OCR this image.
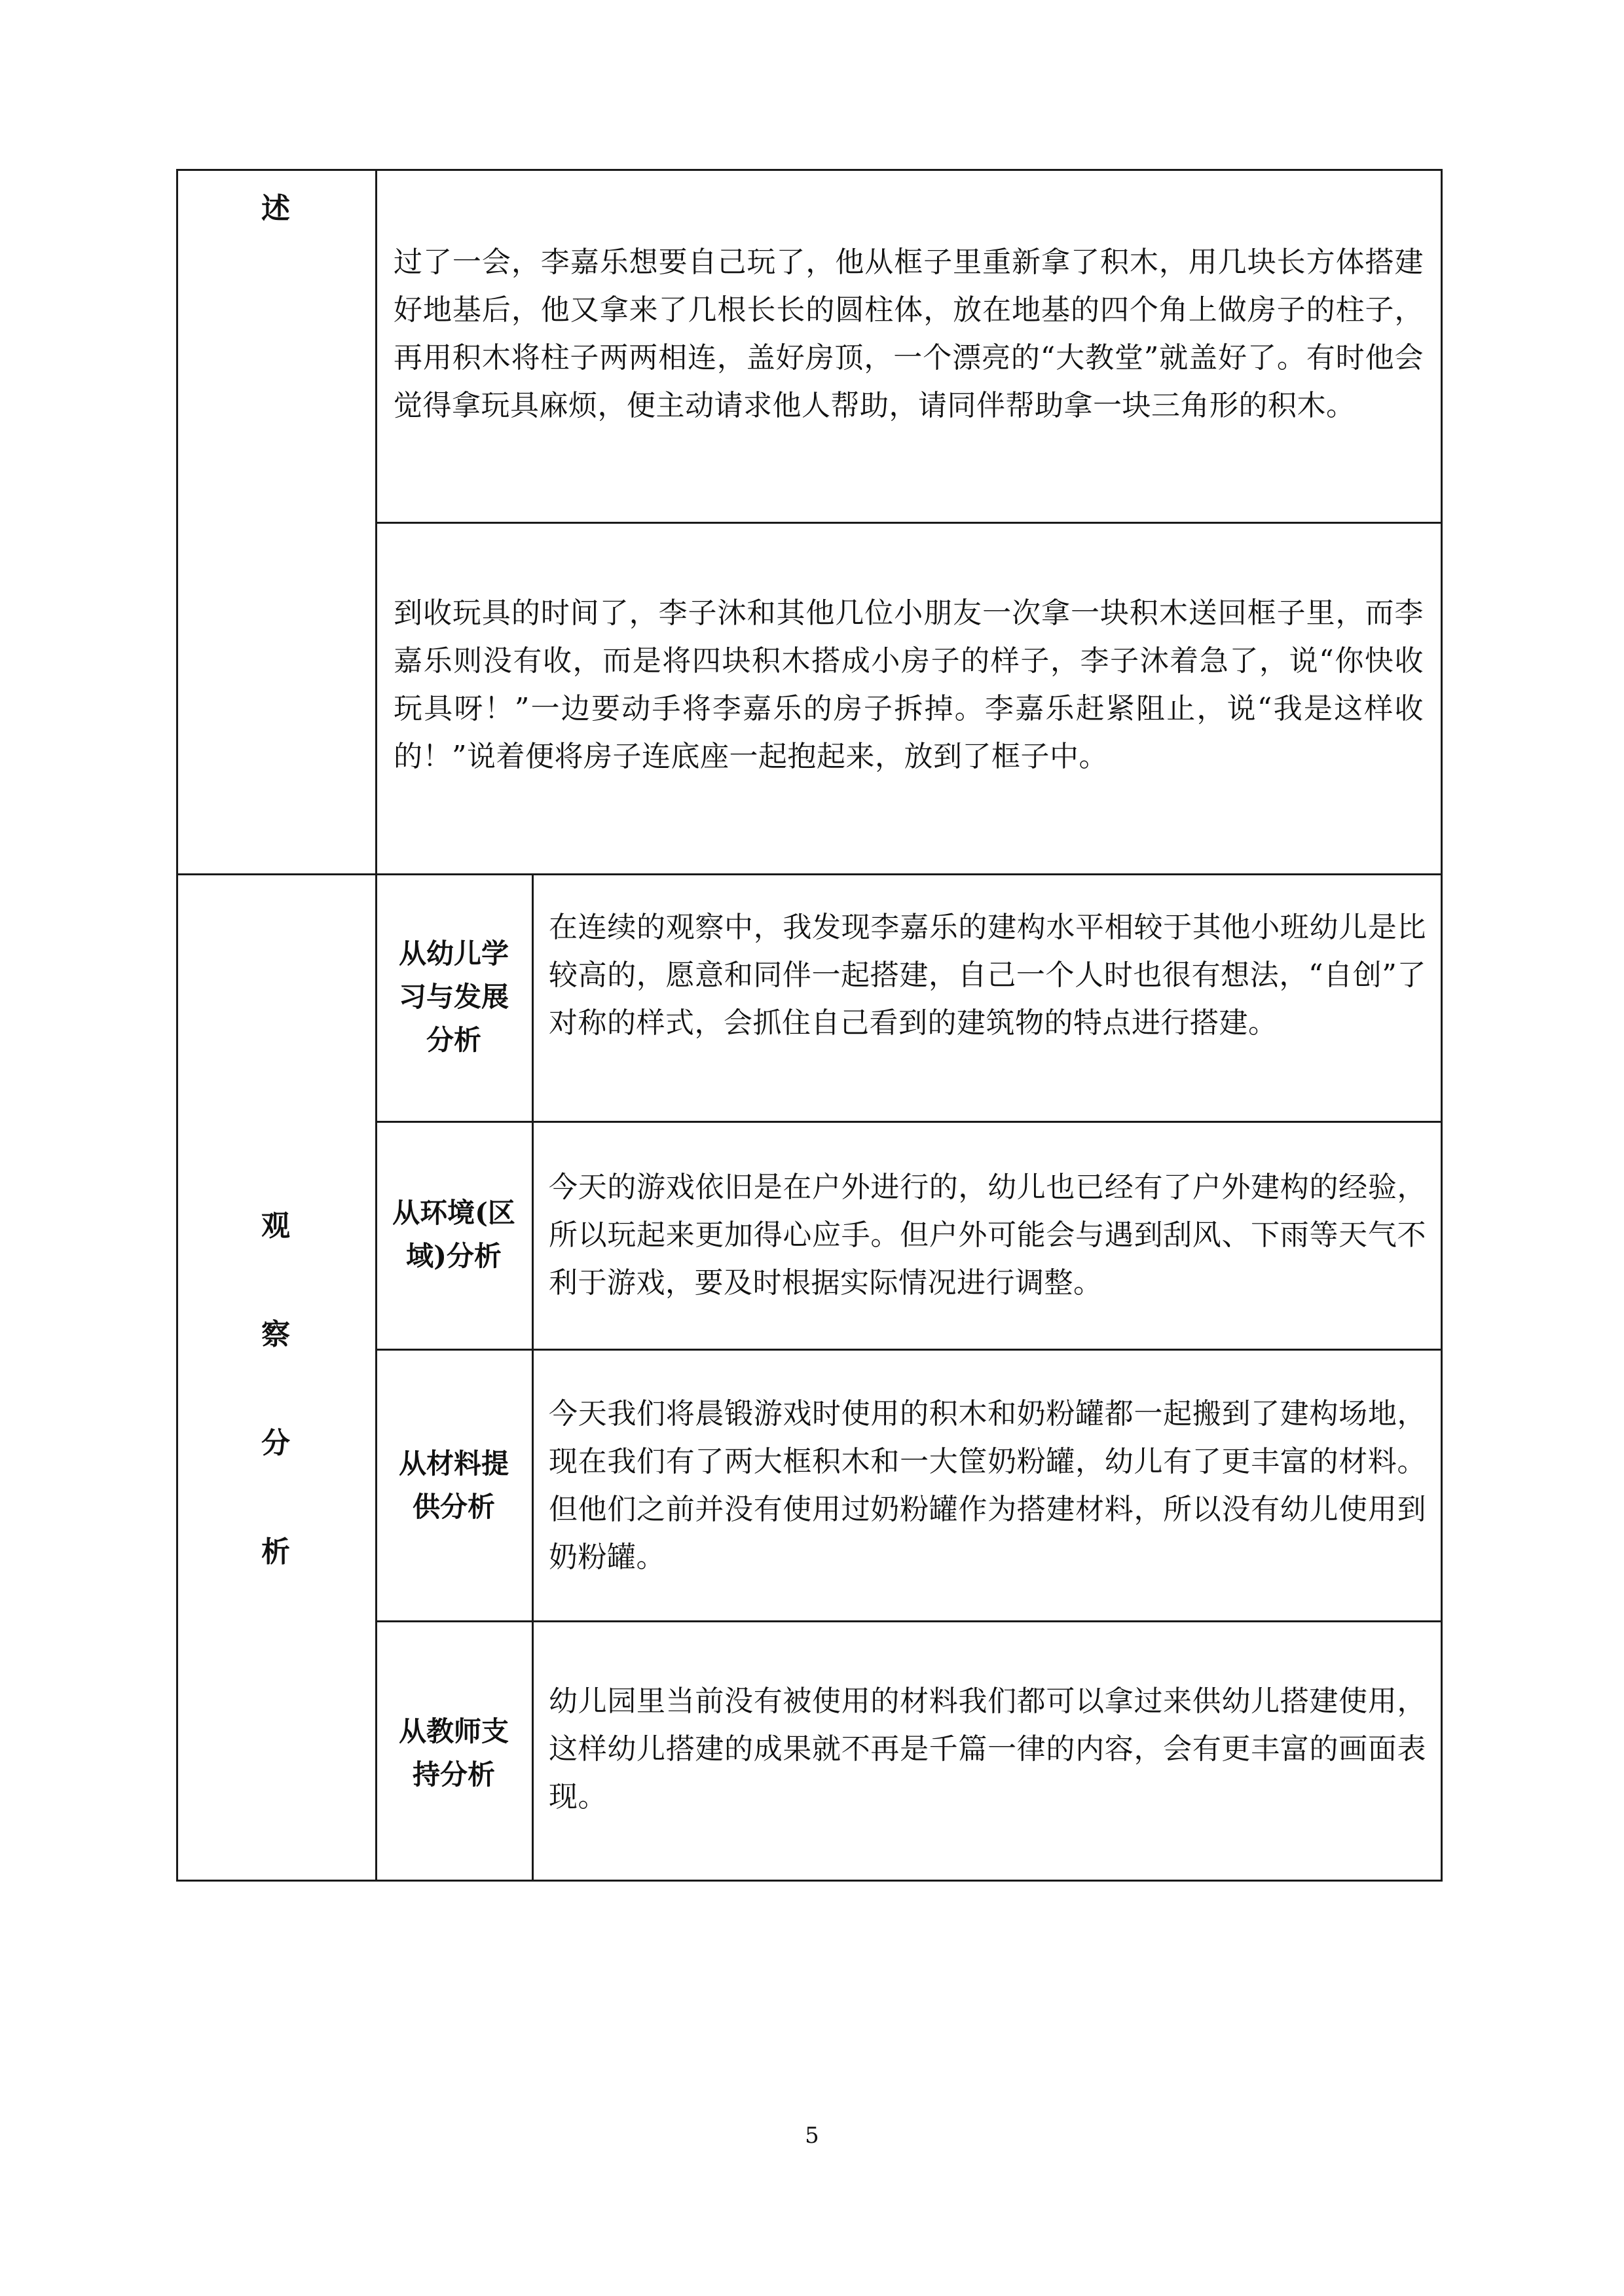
述
过了一会，李嘉乐想要自己玩了，他从框子里重新拿了积木，用几块长方体搭建好地基后，他又拿来了几根长长的圆柱体，放在地基的四个角上做房子的柱子，再用积木将柱子两两相连，盖好房顶，一个漂亮的“大教堂”就盖好了。有时他会觉得拿玩具麻烦，便主动请求他人帮助，请同伴帮助拿一块三角形的积木。
到收玩具的时间了，李子沐和其他几位小朋友一次拿一块积木送回框子里，而李嘉乐则没有收，而是将四块积木搭成小房子的样子，李子沐着急了，说“你快收玩具呀！”一边要动手将李嘉乐的房子拆掉。李嘉乐赶紧阻止，说“我是这样收的！”说着便将房子连底座一起抱起来，放到了框子中。
观
察
分
析
从幼儿学习与发展分析
在连续的观察中，我发现李嘉乐的建构水平相较于其他小班幼儿是比较高的，愿意和同伴一起搭建，自己一个人时也很有想法，“自创”了对称的样式，会抓住自己看到的建筑物的特点进行搭建。
从环境(区域)分析
今天的游戏依旧是在户外进行的，幼儿也已经有了户外建构的经验，所以玩起来更加得心应手。但户外可能会与遇到刮风、下雨等天气不利于游戏，要及时根据实际情况进行调整。
从材料提供分析
今天我们将晨锻游戏时使用的积木和奶粉罐都一起搬到了建构场地，现在我们有了两大框积木和一大筐奶粉罐，幼儿有了更丰富的材料。但他们之前并没有使用过奶粉罐作为搭建材料，所以没有幼儿使用到奶粉罐。
从教师支持分析
幼儿园里当前没有被使用的材料我们都可以拿过来供幼儿搭建使用，这样幼儿搭建的成果就不再是千篇一律的内容，会有更丰富的画面表现。
5
